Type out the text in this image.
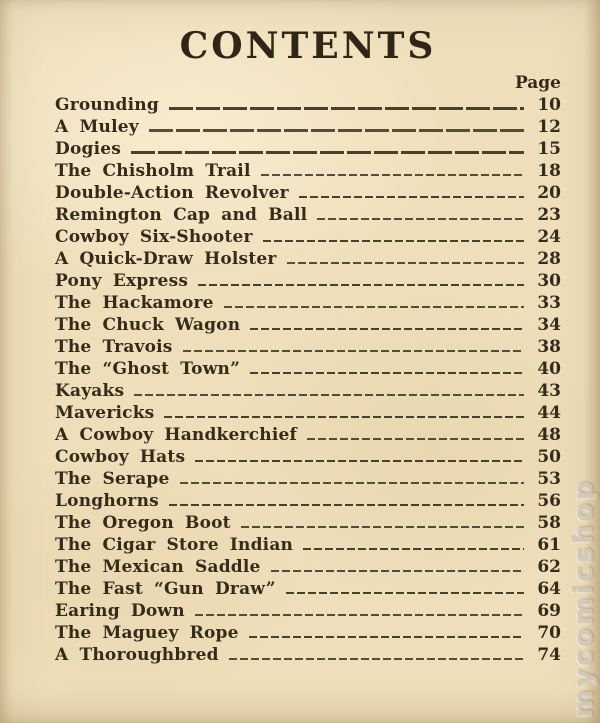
CONTENTS
Page
Grounding	10
A Muley	12
Dogies	15
The Chisholm Trail	18
Double-Action Revolver	20
Remington Cap and Ball	23
Cowboy Six-Shooter	24
A Quick-Draw Holster	28
Pony Express	30
The Hackamore	33
The Chuck Wagon	34
The Travois	38
The “Ghost Town”	40
Kayaks	43
Mavericks	44
A Cowboy Handkerchief	48
Cowboy Hats	50
The Serape	53
Longhorns	56
The Oregon Boot	58
The Cigar Store Indian	61
The Mexican Saddle	62
The Fast “Gun Draw”	64
Earing Down	69
The Maguey Rope	70
A Thoroughbred	74 mycomicshop
